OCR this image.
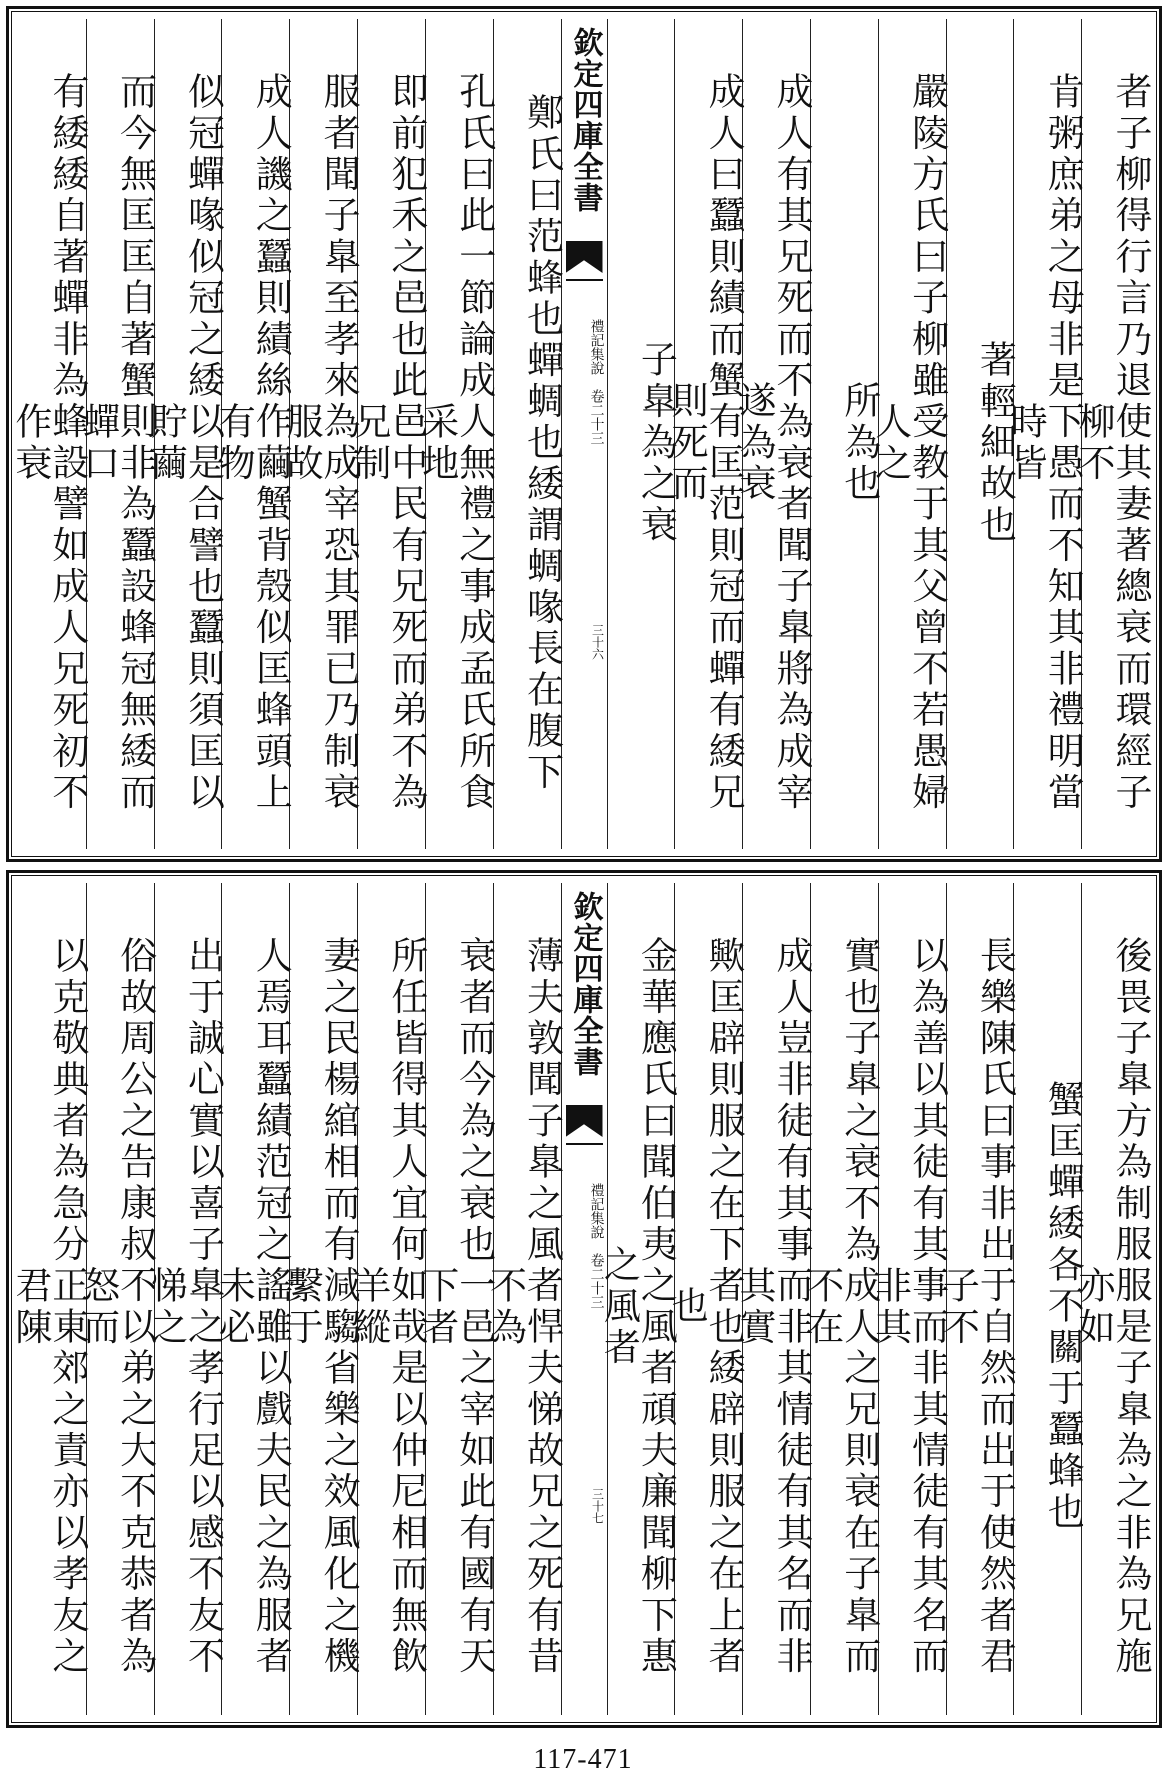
者子柳得行言乃退使其妻著總衰而環經子柳不
肯粥庶弟之母非是下愚而不知其非禮明當時皆
著輕細故也
嚴陵方氏曰子柳雖受教于其父曾不若愚婦人之
所為也
成人有其兄死而不為衰者聞子臯將為成宰遂為衰
成人曰蠶則績而蟹有匡范則冠而蟬有緌兄則死而
子臯為之衰
欽定四庫全書
禮記集說　卷二十三
三十六
鄭氏曰范蜂也蟬蜩也緌謂蜩喙長在腹下
孔氏曰此一節論成人無禮之事成孟氏所食采地
即前犯禾之邑也此邑中民有兄死而弟不為兄制
服者聞子臯至孝來為成宰恐其罪已乃制衰服故
成人譏之蠶則績絲作繭蟹背殼似匡蜂頭上有物
似冠蟬喙似冠之緌以是合譬也蠶則須匡以貯繭
而今無匡匡自著蟹則非為蠶設蜂冠無緌而蟬口
有緌緌自著蟬非為蜂設譬如成人兄死初不作衰
後畏子臯方為制服服是子臯為之非為兄施亦如
蟹匡蟬緌各不關于蠶蜂也
長樂陳氏曰事非出于自然而出于使然者君子不
以為善以其徒有其事而非其情徒有其名而非其
實也子臯之衰不為成人之兄則衰在子臯而不在
成人豈非徒有其事而非其情徒有其名而非其實
歟匡辟則服之在下者也緌辟則服之在上者也
金華應氏曰聞伯夷之風者頑夫廉聞柳下惠之風者
欽定四庫全書
禮記集說　卷二十三
三十七
薄夫敦聞子臯之風者悍夫悌故兄之死有昔不為
衰者而今為之衰也一邑之宰如此有國有天下者
所任皆得其人宜何如哉是以仲尼相而無飲羊縱
妻之民楊綰相而有減騶省樂之效風化之機繫于
人焉耳蠶績范冠之謠雖以戲夫民之為服者未必
出于誠心實以喜子臯之孝行足以感不友不悌之
俗故周公之告康叔不以弟之大不克恭者為怒而
以克敬典者為急分正東郊之責亦以孝友之君陳
117-471
